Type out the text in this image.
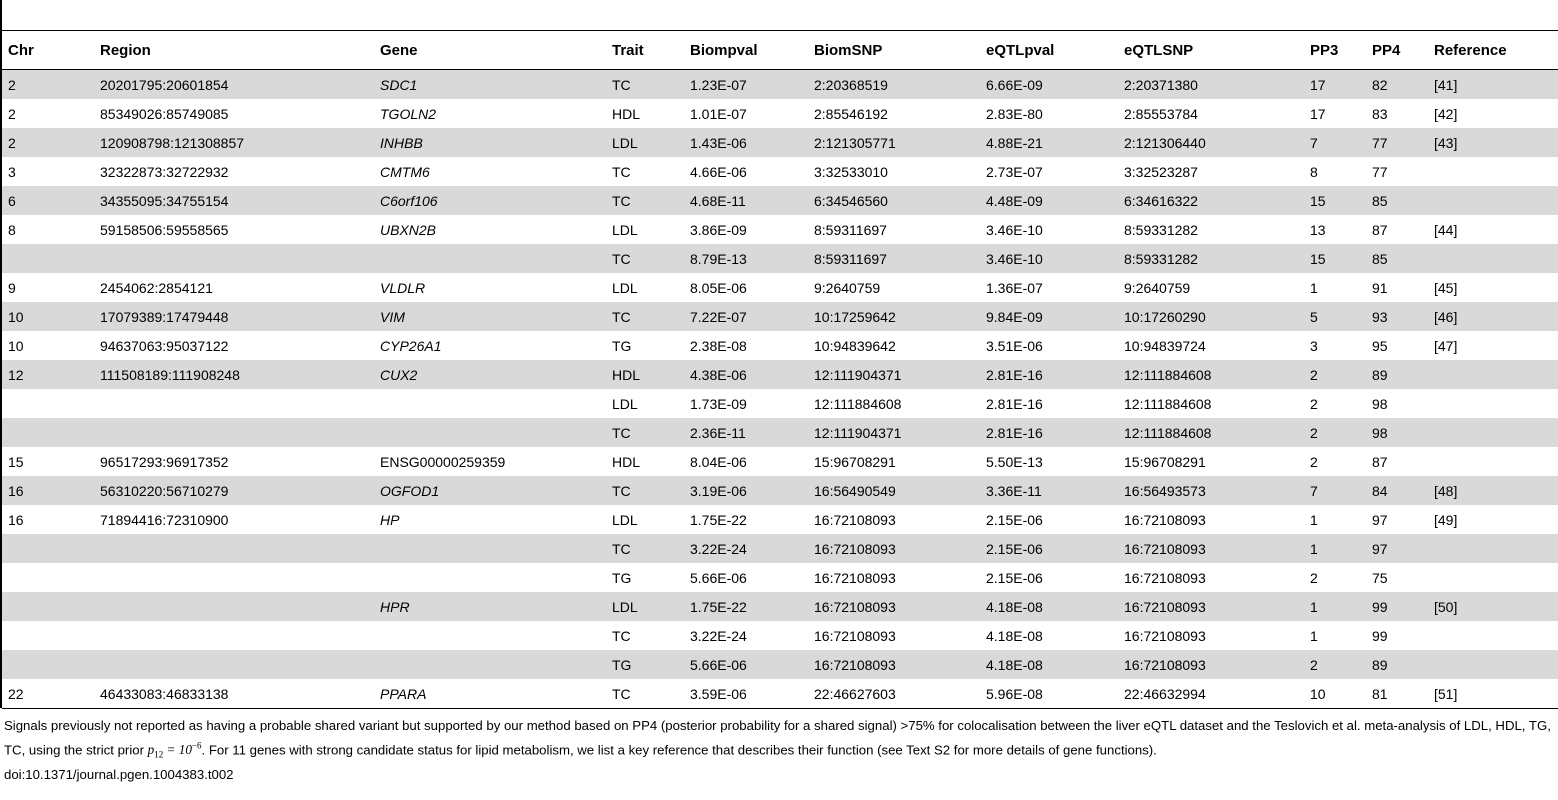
Chr	Region	Gene	Trait	Biompval	BiomSNP	eQTLpval	eQTLSNP	PP3	PP4	Reference
2	20201795:20601854	SDC1	TC	1.23E-07	2:20368519	6.66E-09	2:20371380	17	82	[41]
2	85349026:85749085	TGOLN2	HDL	1.01E-07	2:85546192	2.83E-80	2:85553784	17	83	[42]
2	120908798:121308857	INHBB	LDL	1.43E-06	2:121305771	4.88E-21	2:121306440	7	77	[43]
3	32322873:32722932	CMTM6	TC	4.66E-06	3:32533010	2.73E-07	3:32523287	8	77	
6	34355095:34755154	C6orf106	TC	4.68E-11	6:34546560	4.48E-09	6:34616322	15	85	
8	59158506:59558565	UBXN2B	LDL	3.86E-09	8:59311697	3.46E-10	8:59331282	13	87	[44]
			TC	8.79E-13	8:59311697	3.46E-10	8:59331282	15	85	
9	2454062:2854121	VLDLR	LDL	8.05E-06	9:2640759	1.36E-07	9:2640759	1	91	[45]
10	17079389:17479448	VIM	TC	7.22E-07	10:17259642	9.84E-09	10:17260290	5	93	[46]
10	94637063:95037122	CYP26A1	TG	2.38E-08	10:94839642	3.51E-06	10:94839724	3	95	[47]
12	111508189:111908248	CUX2	HDL	4.38E-06	12:111904371	2.81E-16	12:111884608	2	89	
			LDL	1.73E-09	12:111884608	2.81E-16	12:111884608	2	98	
			TC	2.36E-11	12:111904371	2.81E-16	12:111884608	2	98	
15	96517293:96917352	ENSG00000259359	HDL	8.04E-06	15:96708291	5.50E-13	15:96708291	2	87	
16	56310220:56710279	OGFOD1	TC	3.19E-06	16:56490549	3.36E-11	16:56493573	7	84	[48]
16	71894416:72310900	HP	LDL	1.75E-22	16:72108093	2.15E-06	16:72108093	1	97	[49]
			TC	3.22E-24	16:72108093	2.15E-06	16:72108093	1	97	
			TG	5.66E-06	16:72108093	2.15E-06	16:72108093	2	75	
		HPR	LDL	1.75E-22	16:72108093	4.18E-08	16:72108093	1	99	[50]
			TC	3.22E-24	16:72108093	4.18E-08	16:72108093	1	99	
			TG	5.66E-06	16:72108093	4.18E-08	16:72108093	2	89	
22	46433083:46833138	PPARA	TC	3.59E-06	22:46627603	5.96E-08	22:46632994	10	81	[51]

Signals previously not reported as having a probable shared variant but supported by our method based on PP4 (posterior probability for a shared signal) >75% for colocalisation between the liver eQTL dataset and the Teslovich et al. meta-analysis of LDL, HDL, TG, TC, using the strict prior $p_{12} = 10^{-6}$. For 11 genes with strong candidate status for lipid metabolism, we list a key reference that describes their function (see Text S2 for more details of gene functions).

doi:10.1371/journal.pgen.1004383.t002
